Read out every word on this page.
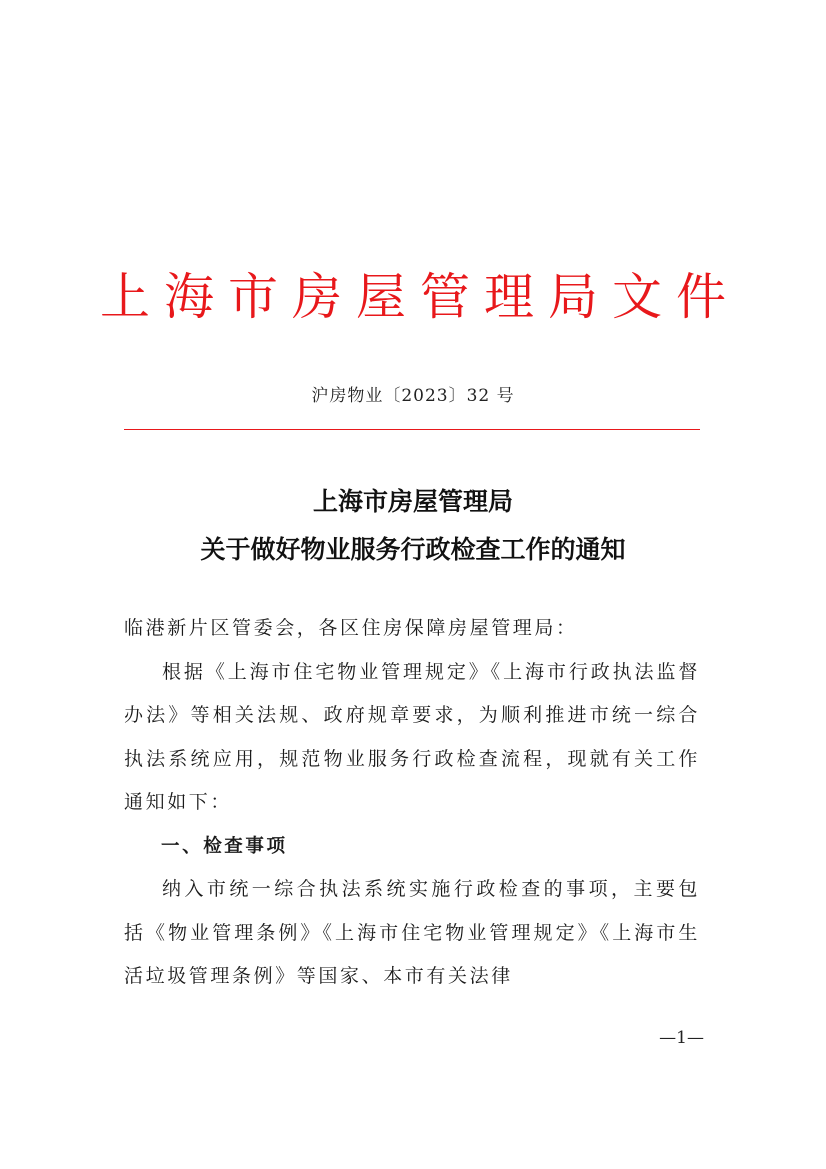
上海市房屋管理局文件
沪房物业〔2023〕32 号
上海市房屋管理局
关于做好物业服务行政检查工作的通知

临港新片区管委会，各区住房保障房屋管理局：

根据《上海市住宅物业管理规定》《上海市行政执法监督办法》等相关法规、政府规章要求，为顺利推进市统一综合执法系统应用，规范物业服务行政检查流程，现就有关工作通知如下：

一、检查事项

纳入市统一综合执法系统实施行政检查的事项，主要包括《物业管理条例》《上海市住宅物业管理规定》《上海市生活垃圾管理条例》等国家、本市有关法律

—1—
